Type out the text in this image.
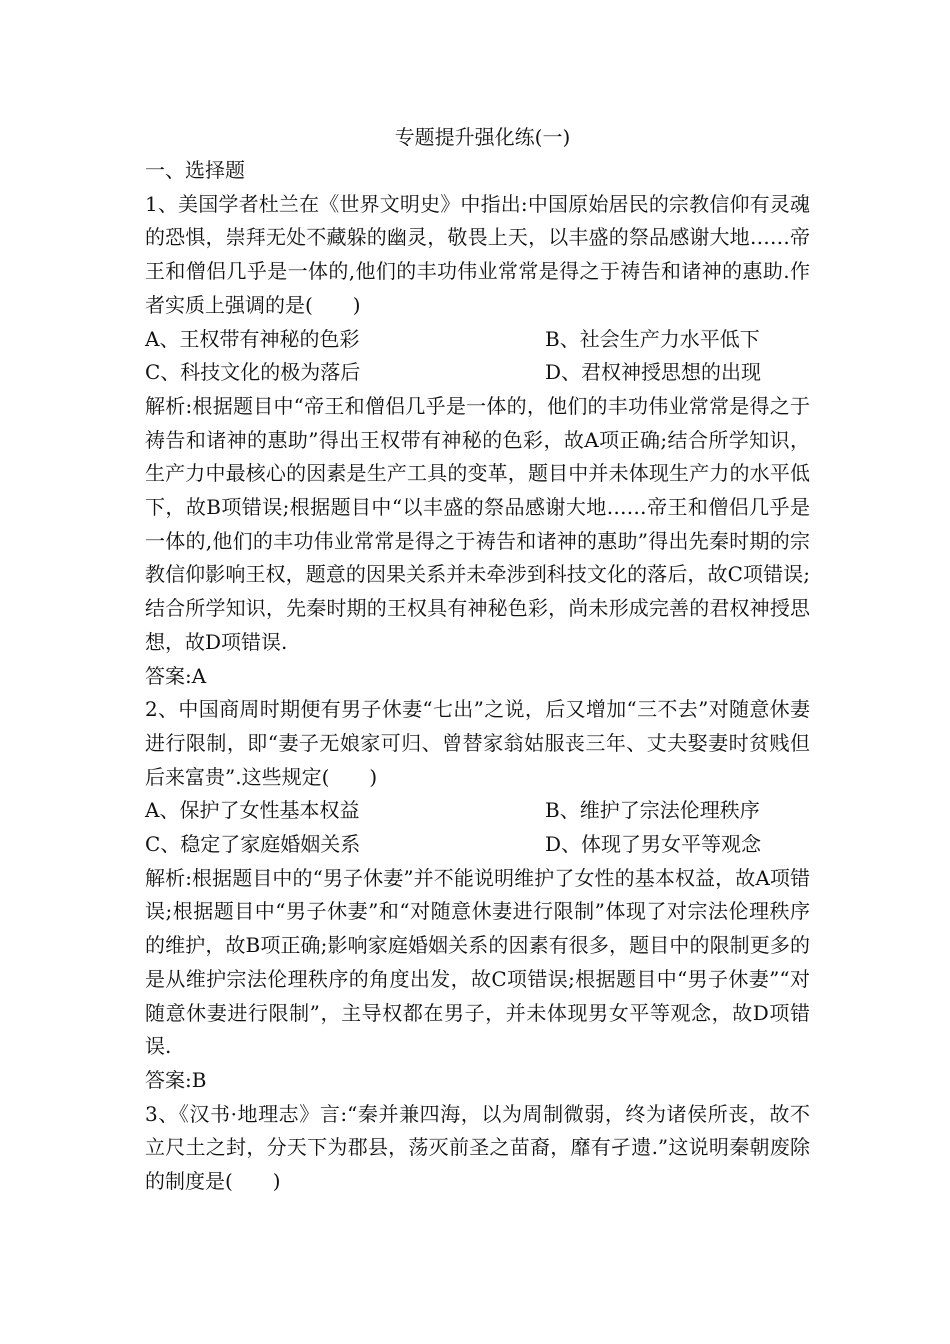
专题提升强化练(一)

一、选择题

1、美国学者杜兰在《世界文明史》中指出:中国原始居民的宗教信仰有灵魂的恐惧，崇拜无处不藏躲的幽灵，敬畏上天，以丰盛的祭品感谢大地……帝王和僧侣几乎是一体的,他们的丰功伟业常常是得之于祷告和诸神的惠助.作者实质上强调的是(　　)

A、王权带有神秘的色彩	B、社会生产力水平低下
C、科技文化的极为落后	D、君权神授思想的出现

解析:根据题目中“帝王和僧侣几乎是一体的，他们的丰功伟业常常是得之于祷告和诸神的惠助”得出王权带有神秘的色彩，故A项正确;结合所学知识，生产力中最核心的因素是生产工具的变革，题目中并未体现生产力的水平低下，故B项错误;根据题目中“以丰盛的祭品感谢大地……帝王和僧侣几乎是一体的,他们的丰功伟业常常是得之于祷告和诸神的惠助”得出先秦时期的宗教信仰影响王权，题意的因果关系并未牵涉到科技文化的落后，故C项错误;结合所学知识，先秦时期的王权具有神秘色彩，尚未形成完善的君权神授思想，故D项错误.

答案:A

2、中国商周时期便有男子休妻“七出”之说，后又增加“三不去”对随意休妻进行限制，即“妻子无娘家可归、曾替家翁姑服丧三年、丈夫娶妻时贫贱但后来富贵”.这些规定(　　)

A、保护了女性基本权益	B、维护了宗法伦理秩序
C、稳定了家庭婚姻关系	D、体现了男女平等观念

解析:根据题目中的“男子休妻”并不能说明维护了女性的基本权益，故A项错误;根据题目中“男子休妻”和“对随意休妻进行限制”体现了对宗法伦理秩序的维护，故B项正确;影响家庭婚姻关系的因素有很多，题目中的限制更多的是从维护宗法伦理秩序的角度出发，故C项错误;根据题目中“男子休妻”“对随意休妻进行限制”，主导权都在男子，并未体现男女平等观念，故D项错误.

答案:B

3、《汉书·地理志》言:“秦并兼四海，以为周制微弱，终为诸侯所丧，故不立尺土之封，分天下为郡县，荡灭前圣之苗裔，靡有孑遗.”这说明秦朝废除的制度是(　　)
